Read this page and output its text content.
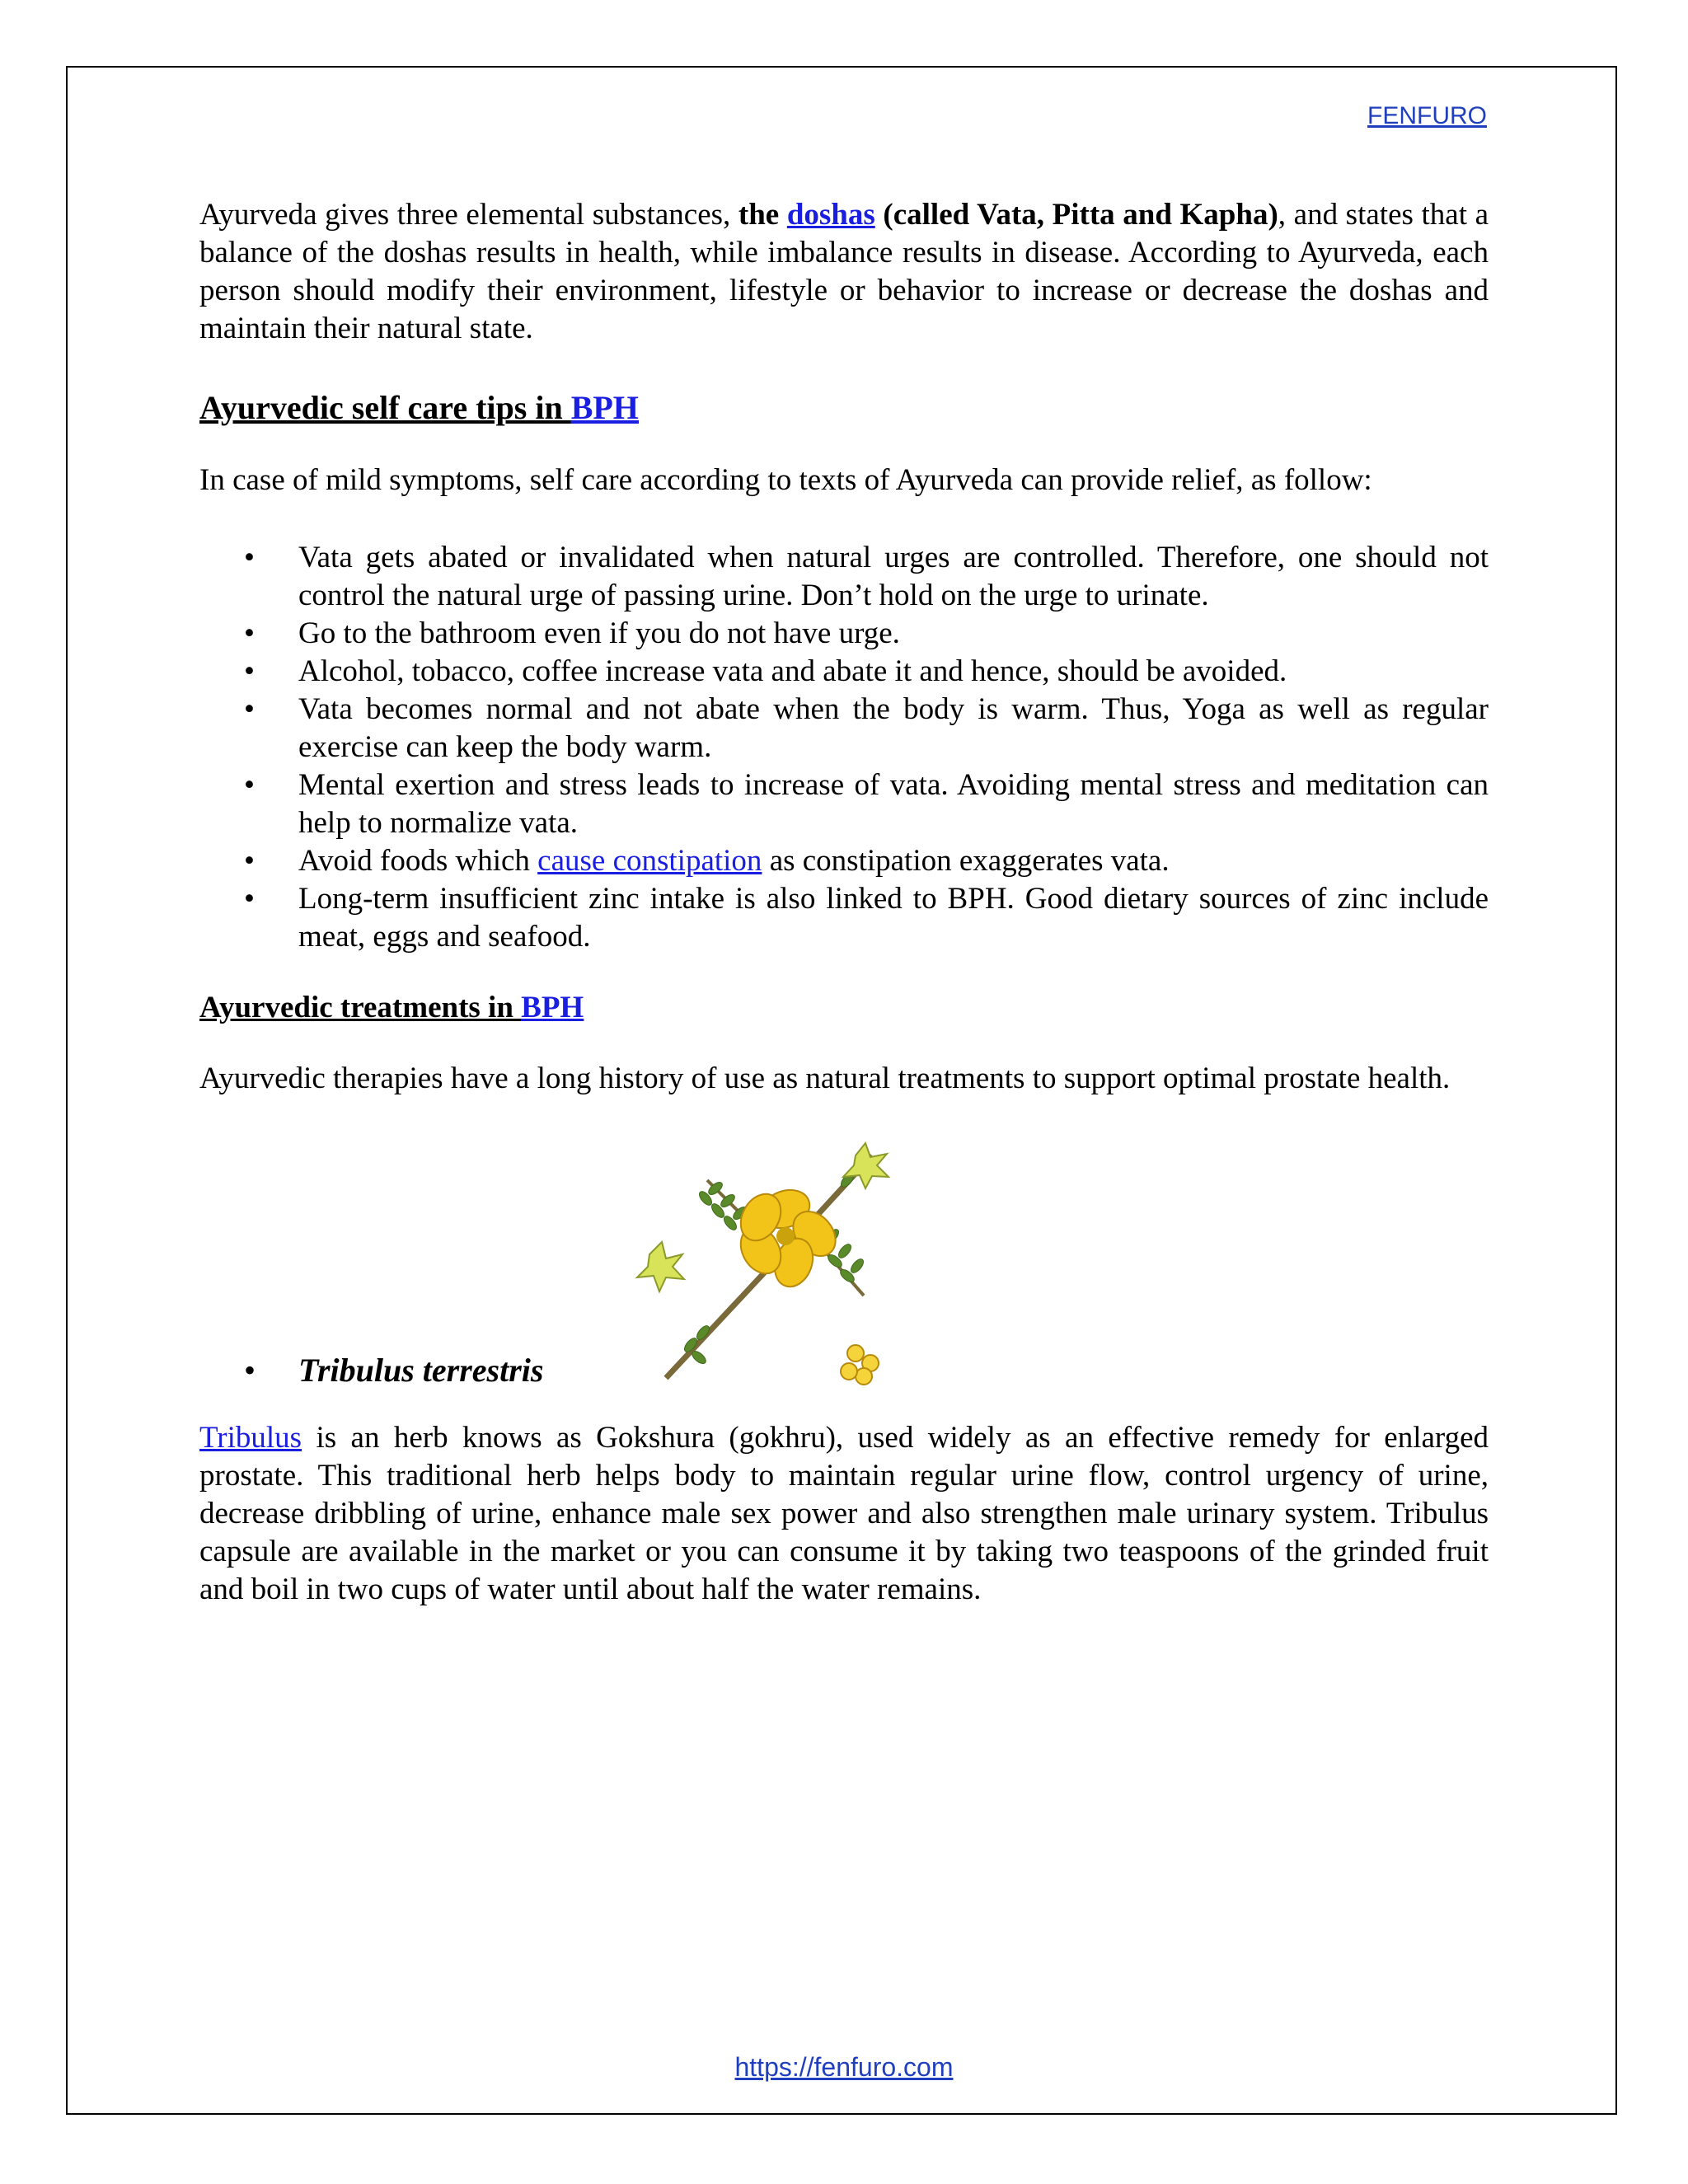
FENFURO

Ayurveda gives three elemental substances, the doshas (called Vata, Pitta and Kapha), and states that a balance of the doshas results in health, while imbalance results in disease. According to Ayurveda, each person should modify their environment, lifestyle or behavior to increase or decrease the doshas and maintain their natural state.

Ayurvedic self care tips in BPH

In case of mild symptoms, self care according to texts of Ayurveda can provide relief, as follow:

• Vata gets abated or invalidated when natural urges are controlled. Therefore, one should not control the natural urge of passing urine. Don’t hold on the urge to urinate.
• Go to the bathroom even if you do not have urge.
• Alcohol, tobacco, coffee increase vata and abate it and hence, should be avoided.
• Vata becomes normal and not abate when the body is warm. Thus, Yoga as well as regular exercise can keep the body warm.
• Mental exertion and stress leads to increase of vata. Avoiding mental stress and meditation can help to normalize vata.
• Avoid foods which cause constipation as constipation exaggerates vata.
• Long-term insufficient zinc intake is also linked to BPH. Good dietary sources of zinc include meat, eggs and seafood.
Ayurvedic treatments in BPH

Ayurvedic therapies have a long history of use as natural treatments to support optimal prostate health.

• Tribulus terrestris

Tribulus is an herb knows as Gokshura (gokhru), used widely as an effective remedy for enlarged prostate. This traditional herb helps body to maintain regular urine flow, control urgency of urine, decrease dribbling of urine, enhance male sex power and also strengthen male urinary system. Tribulus capsule are available in the market or you can consume it by taking two teaspoons of the grinded fruit and boil in two cups of water until about half the water remains.

https://fenfuro.com
